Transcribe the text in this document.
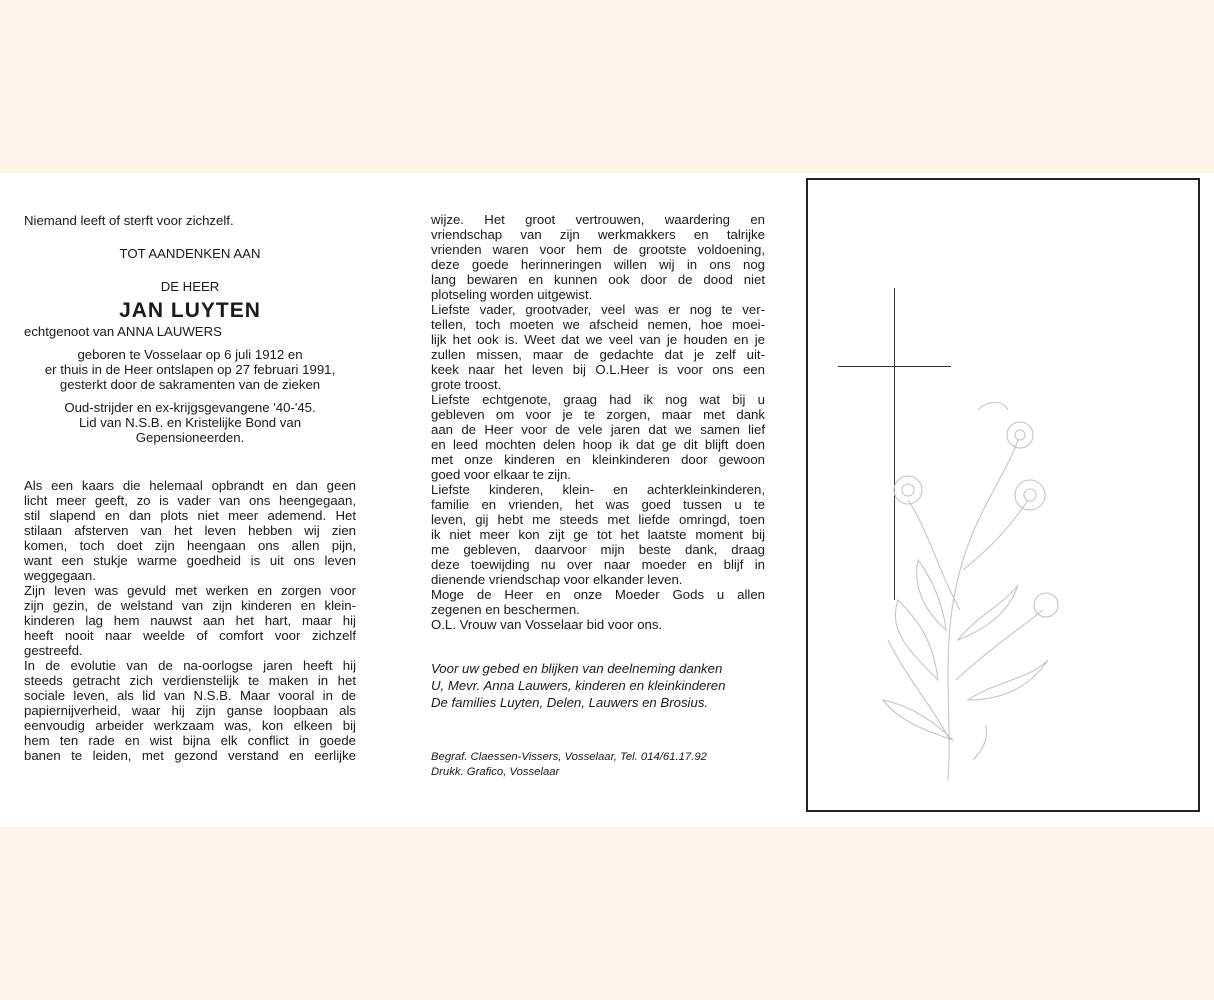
Niemand leeft of sterft voor zichzelf.
TOT AANDENKEN AAN
DE HEER
JAN LUYTEN
echtgenoot van ANNA LAUWERS
geboren te Vosselaar op 6 juli 1912 en
er thuis in de Heer ontslapen op 27 februari 1991,
gesterkt door de sakramenten van de zieken
Oud-strijder en ex-krijgsgevangene '40-'45.
Lid van N.S.B. en Kristelijke Bond van
Gepensioneerden.
Als een kaars die helemaal opbrandt en dan geen
licht meer geeft, zo is vader van ons heengegaan,
stil slapend en dan plots niet meer ademend. Het
stilaan afsterven van het leven hebben wij zien
komen, toch doet zijn heengaan ons allen pijn,
want een stukje warme goedheid is uit ons leven
weggegaan.
Zijn leven was gevuld met werken en zorgen voor
zijn gezin, de welstand van zijn kinderen en klein-
kinderen lag hem nauwst aan het hart, maar hij
heeft nooit naar weelde of comfort voor zichzelf
gestreefd.
In de evolutie van de na-oorlogse jaren heeft hij
steeds getracht zich verdienstelijk te maken in het
sociale leven, als lid van N.S.B. Maar vooral in de
papiernijverheid, waar hij zijn ganse loopbaan als
eenvoudig arbeider werkzaam was, kon elkeen bij
hem ten rade en wist bijna elk conflict in goede
banen te leiden, met gezond verstand en eerlijke
wijze. Het groot vertrouwen, waardering en
vriendschap van zijn werkmakkers en talrijke
vrienden waren voor hem de grootste voldoening,
deze goede herinneringen willen wij in ons nog
lang bewaren en kunnen ook door de dood niet
plotseling worden uitgewist.
Liefste vader, grootvader, veel was er nog te ver-
tellen, toch moeten we afscheid nemen, hoe moei-
lijk het ook is. Weet dat we veel van je houden en je
zullen missen, maar de gedachte dat je zelf uit-
keek naar het leven bij O.L.Heer is voor ons een
grote troost.
Liefste echtgenote, graag had ik nog wat bij u
gebleven om voor je te zorgen, maar met dank
aan de Heer voor de vele jaren dat we samen lief
en leed mochten delen hoop ik dat ge dit blijft doen
met onze kinderen en kleinkinderen door gewoon
goed voor elkaar te zijn.
Liefste kinderen, klein- en achterkleinkinderen,
familie en vrienden, het was goed tussen u te
leven, gij hebt me steeds met liefde omringd, toen
ik niet meer kon zijt ge tot het laatste moment bij
me gebleven, daarvoor mijn beste dank, draag
deze toewijding nu over naar moeder en blijf in
dienende vriendschap voor elkander leven.
Moge de Heer en onze Moeder Gods u allen
zegenen en beschermen.
O.L. Vrouw van Vosselaar bid voor ons.
Voor uw gebed en blijken van deelneming danken
U, Mevr. Anna Lauwers, kinderen en kleinkinderen
De families Luyten, Delen, Lauwers en Brosius.
Begraf. Claessen-Vissers, Vosselaar, Tel. 014/61.17.92
Drukk. Grafico, Vosselaar
